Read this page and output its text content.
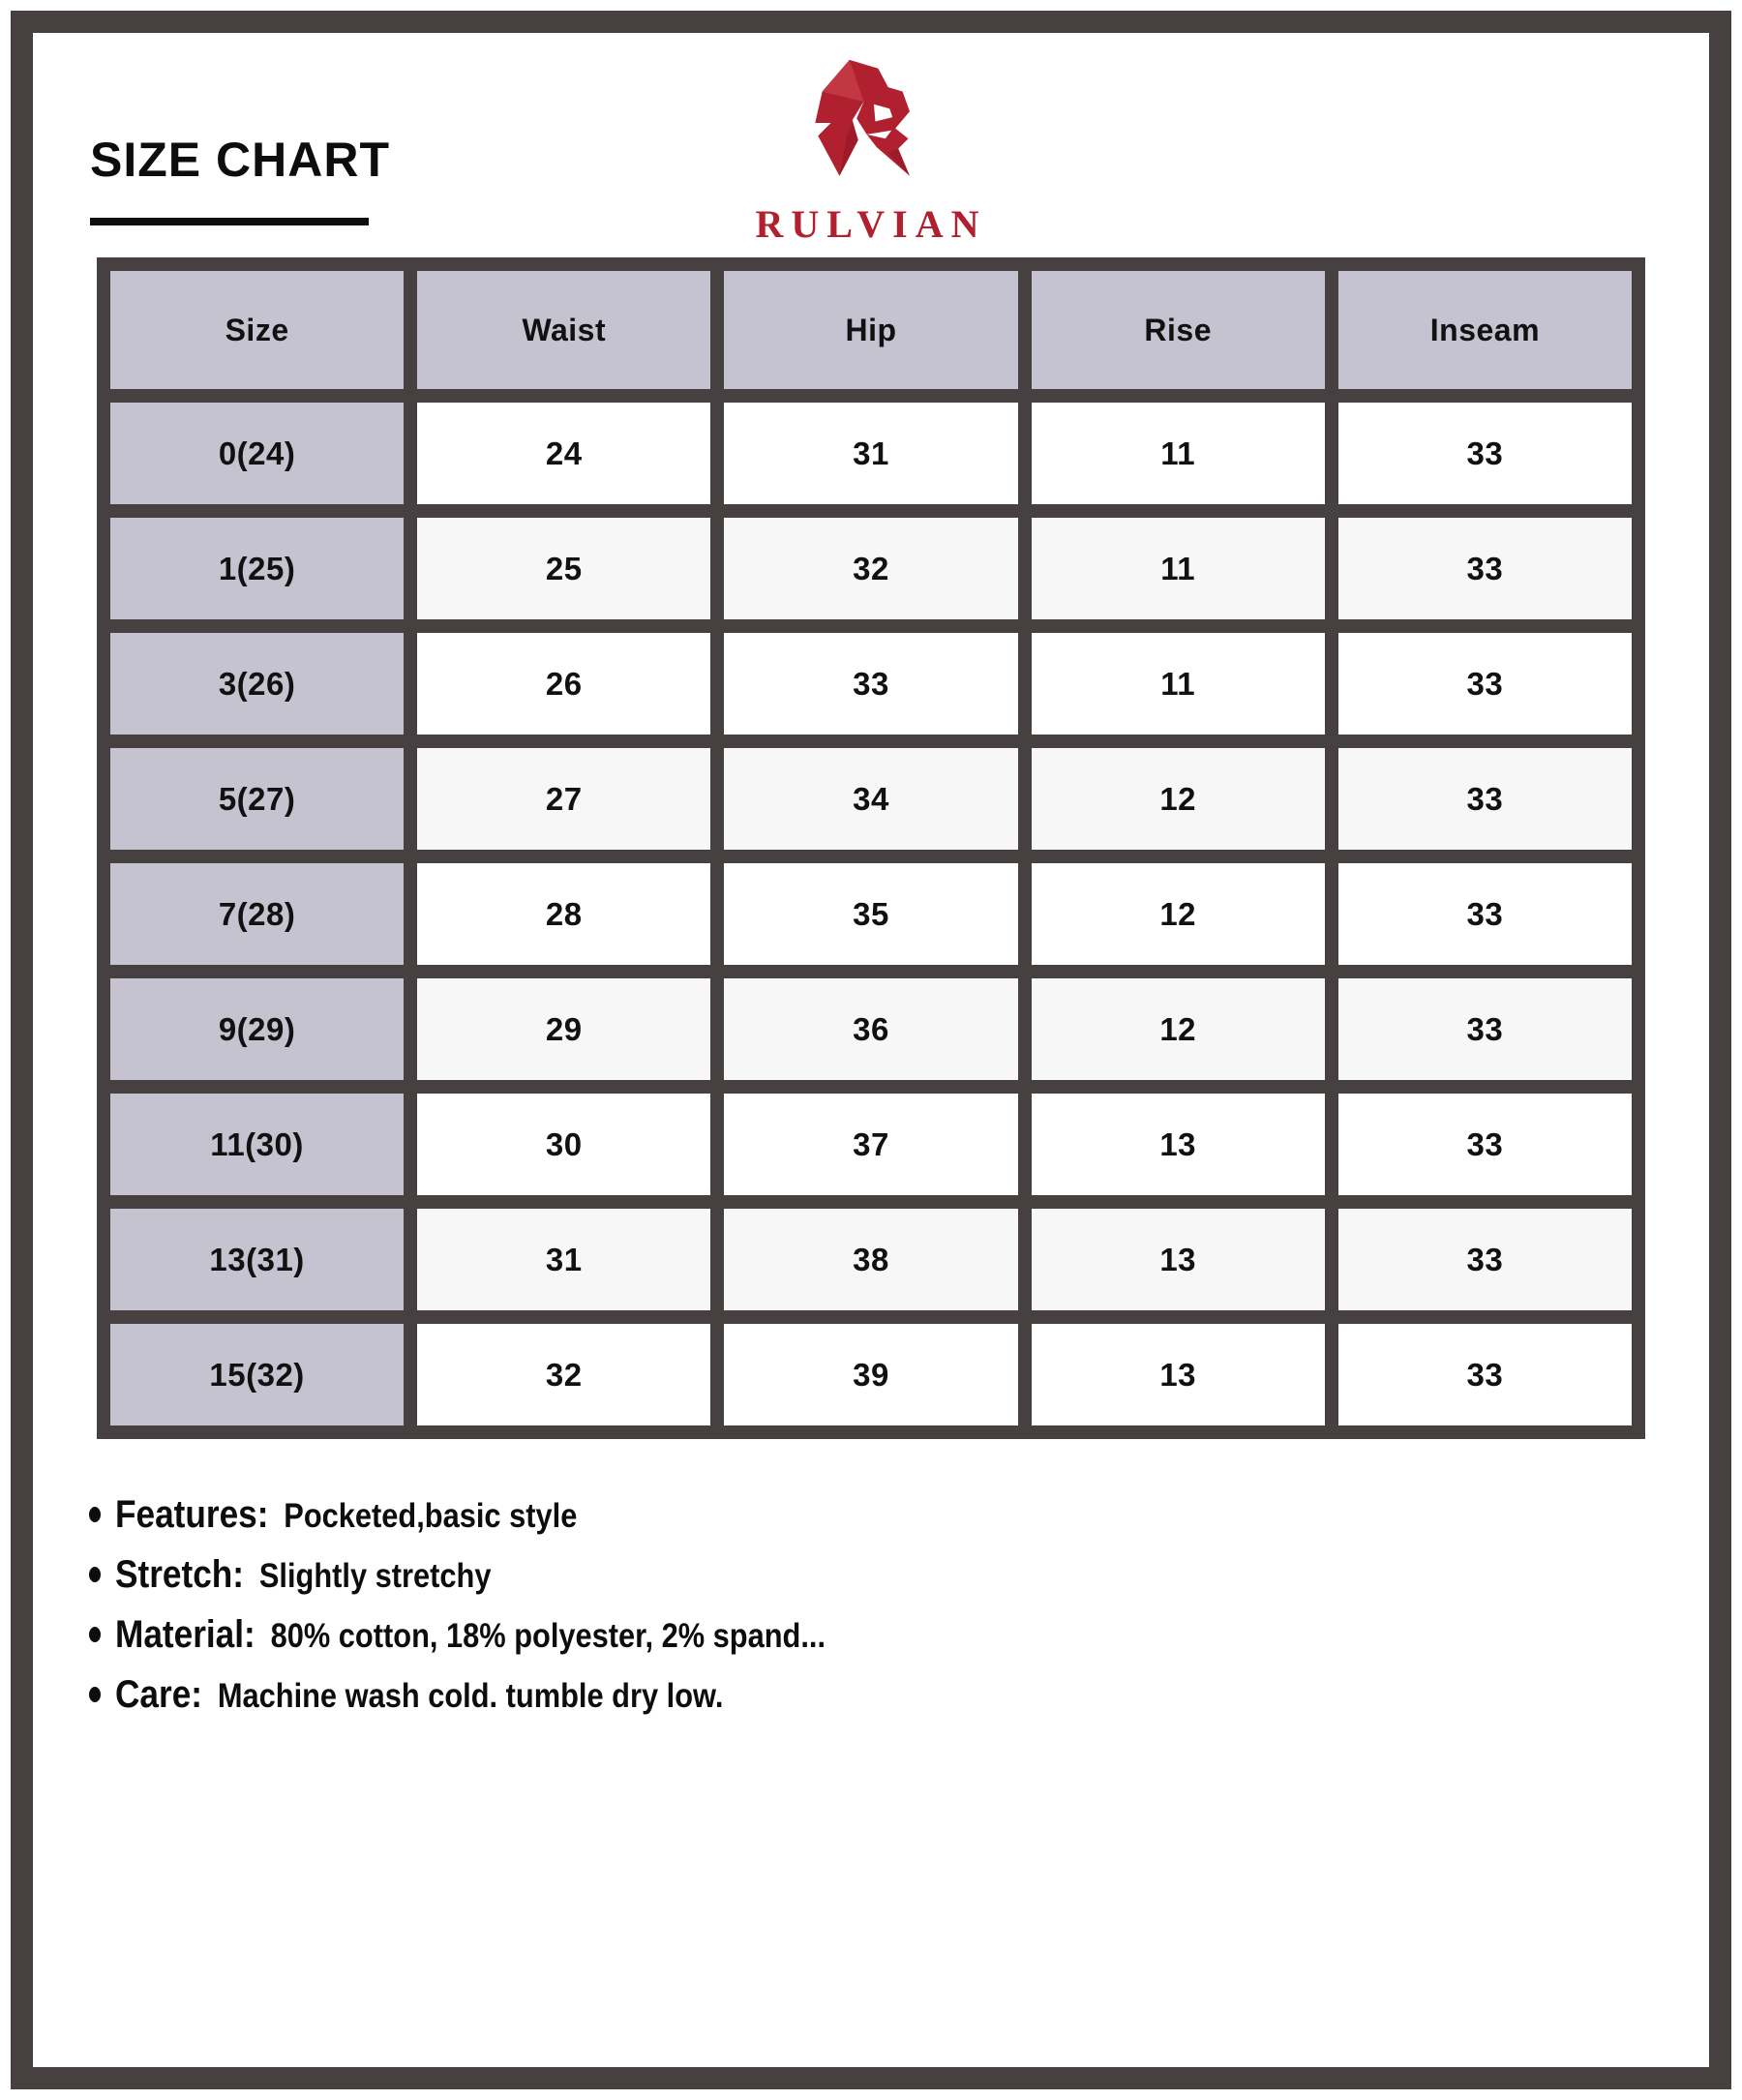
SIZE CHART
RULVIAN
Size	Waist	Hip	Rise	Inseam
0(24)	24	31	11	33
1(25)	25	32	11	33
3(26)	26	33	11	33
5(27)	27	34	12	33
7(28)	28	35	12	33
9(29)	29	36	12	33
11(30)	30	37	13	33
13(31)	31	38	13	33
15(32)	32	39	13	33
Features: Pocketed,basic style
Stretch: Slightly stretchy
Material: 80% cotton, 18% polyester, 2% spand...
Care: Machine wash cold. tumble dry low.
